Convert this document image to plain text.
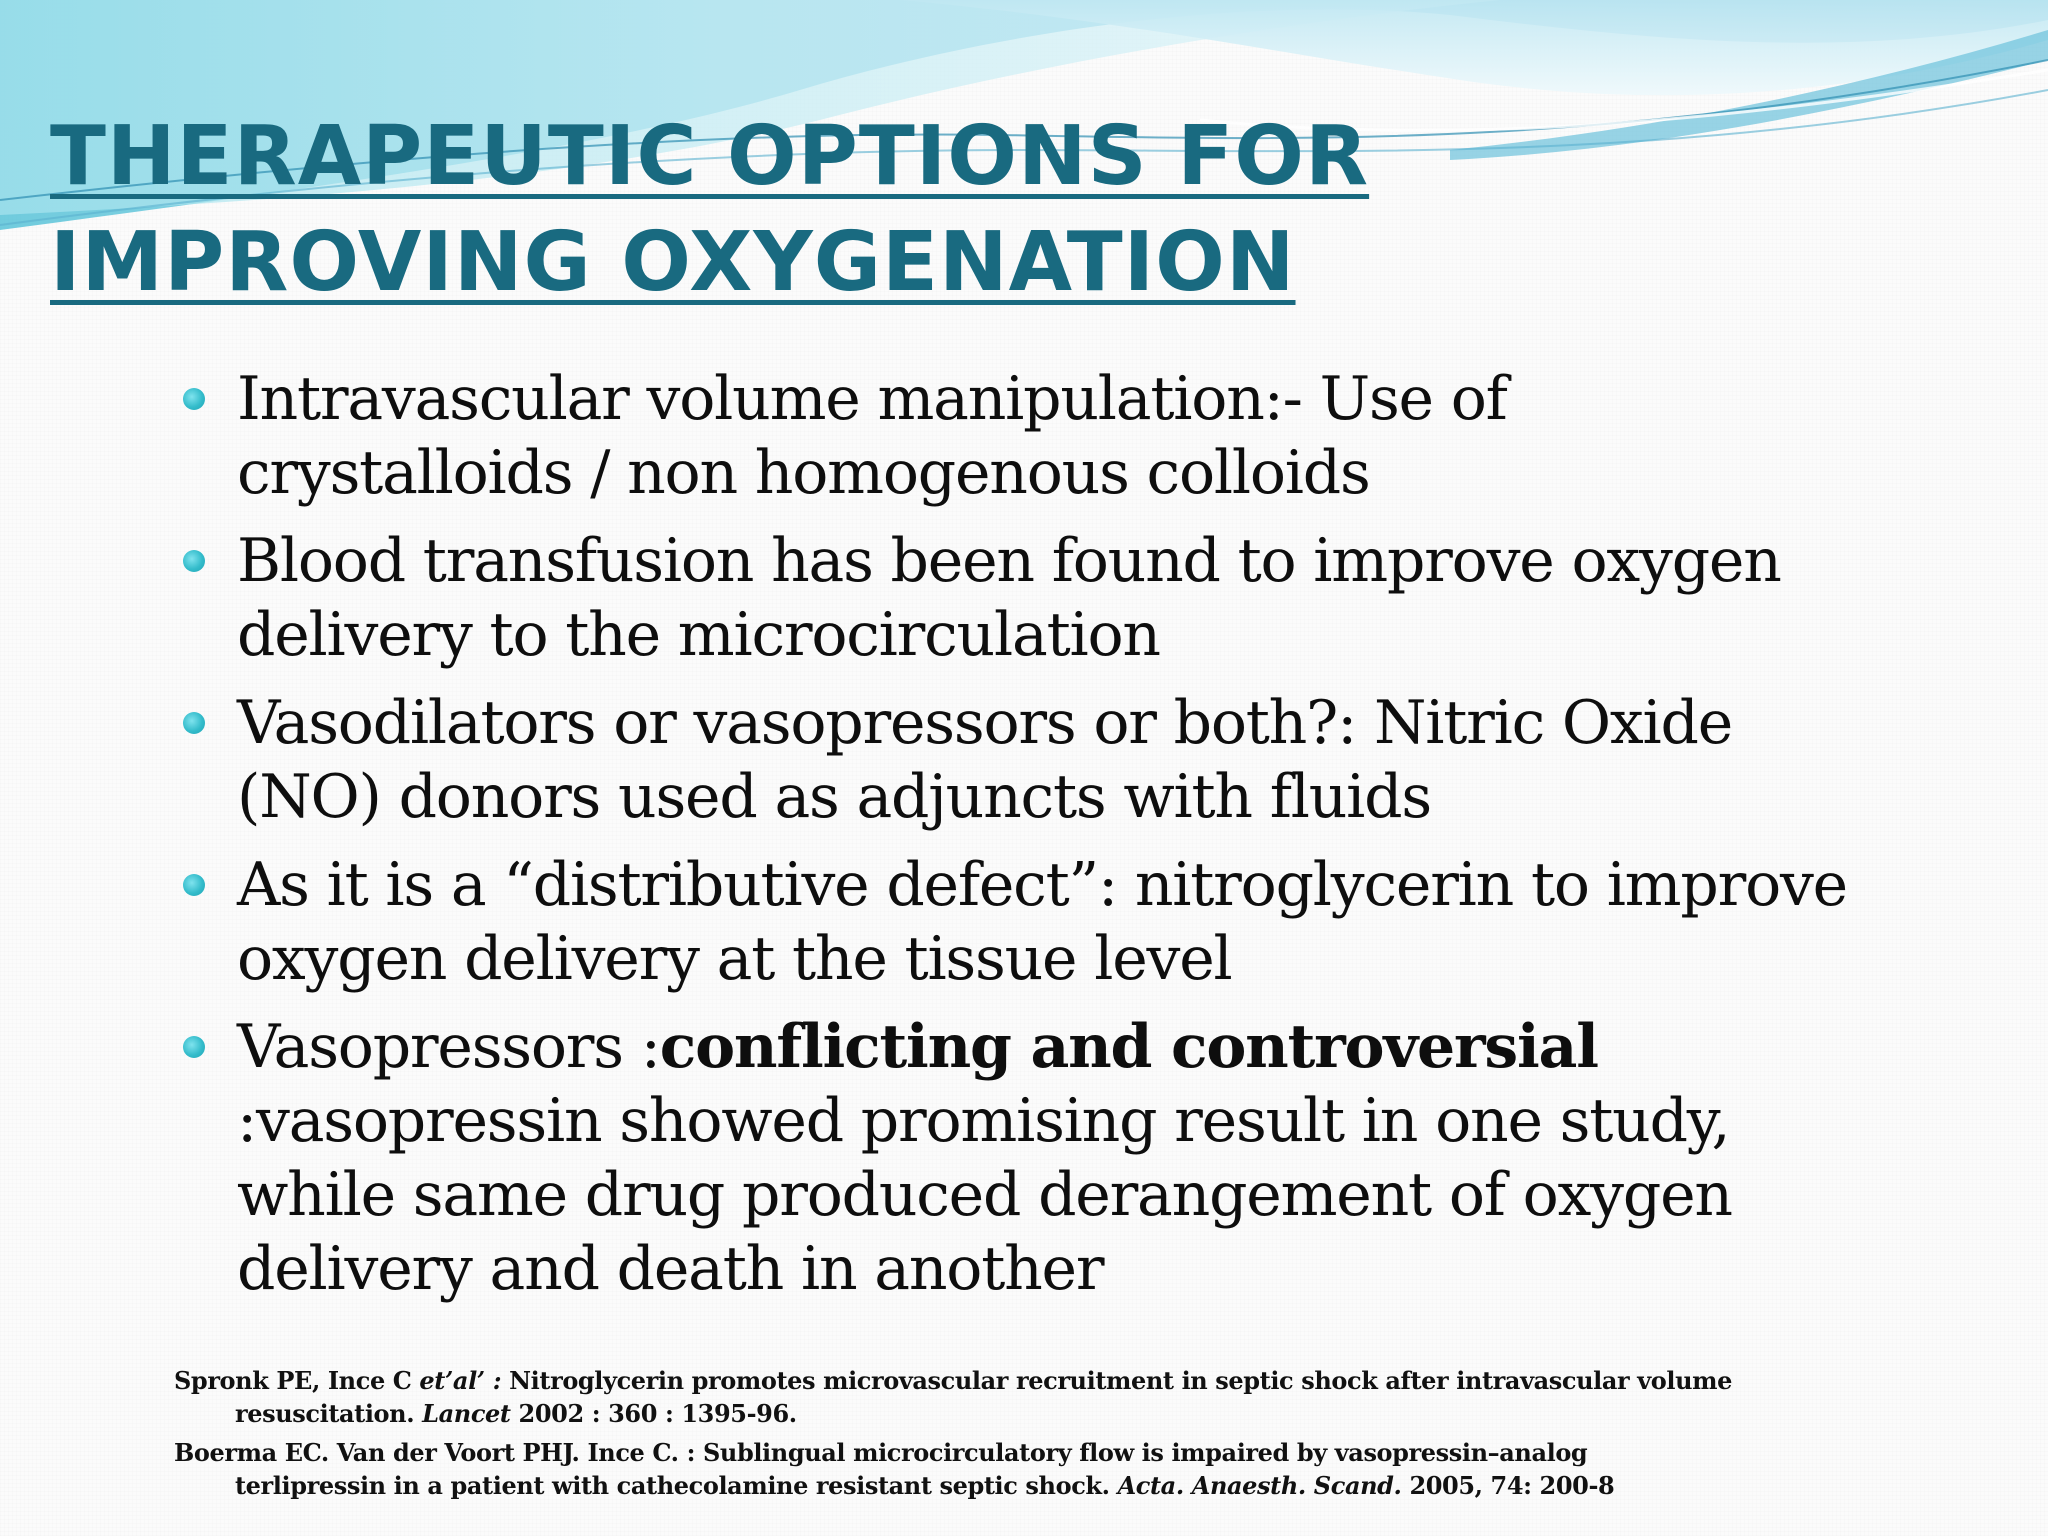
THERAPEUTIC OPTIONS FOR
IMPROVING OXYGENATION
Intravascular volume manipulation:- Use of
crystalloids / non homogenous colloids
Blood transfusion has been found to improve oxygen
delivery to the microcirculation
Vasodilators or vasopressors or both?: Nitric Oxide
(NO) donors used as adjuncts with fluids
As it is a “distributive defect”: nitroglycerin to improve
oxygen delivery at the tissue level
Vasopressors :conflicting and controversial
:vasopressin showed promising result in one study,
while same drug produced derangement of oxygen
delivery and death in another
Spronk PE, Ince C et’al’ : Nitroglycerin promotes microvascular recruitment in septic shock after intravascular volume
resuscitation. Lancet 2002 : 360 : 1395-96.
Boerma EC. Van der Voort PHJ. Ince C. : Sublingual microcirculatory flow is impaired by vasopressin–analog
terlipressin in a patient with cathecolamine resistant septic shock. Acta. Anaesth. Scand. 2005, 74: 200-8
